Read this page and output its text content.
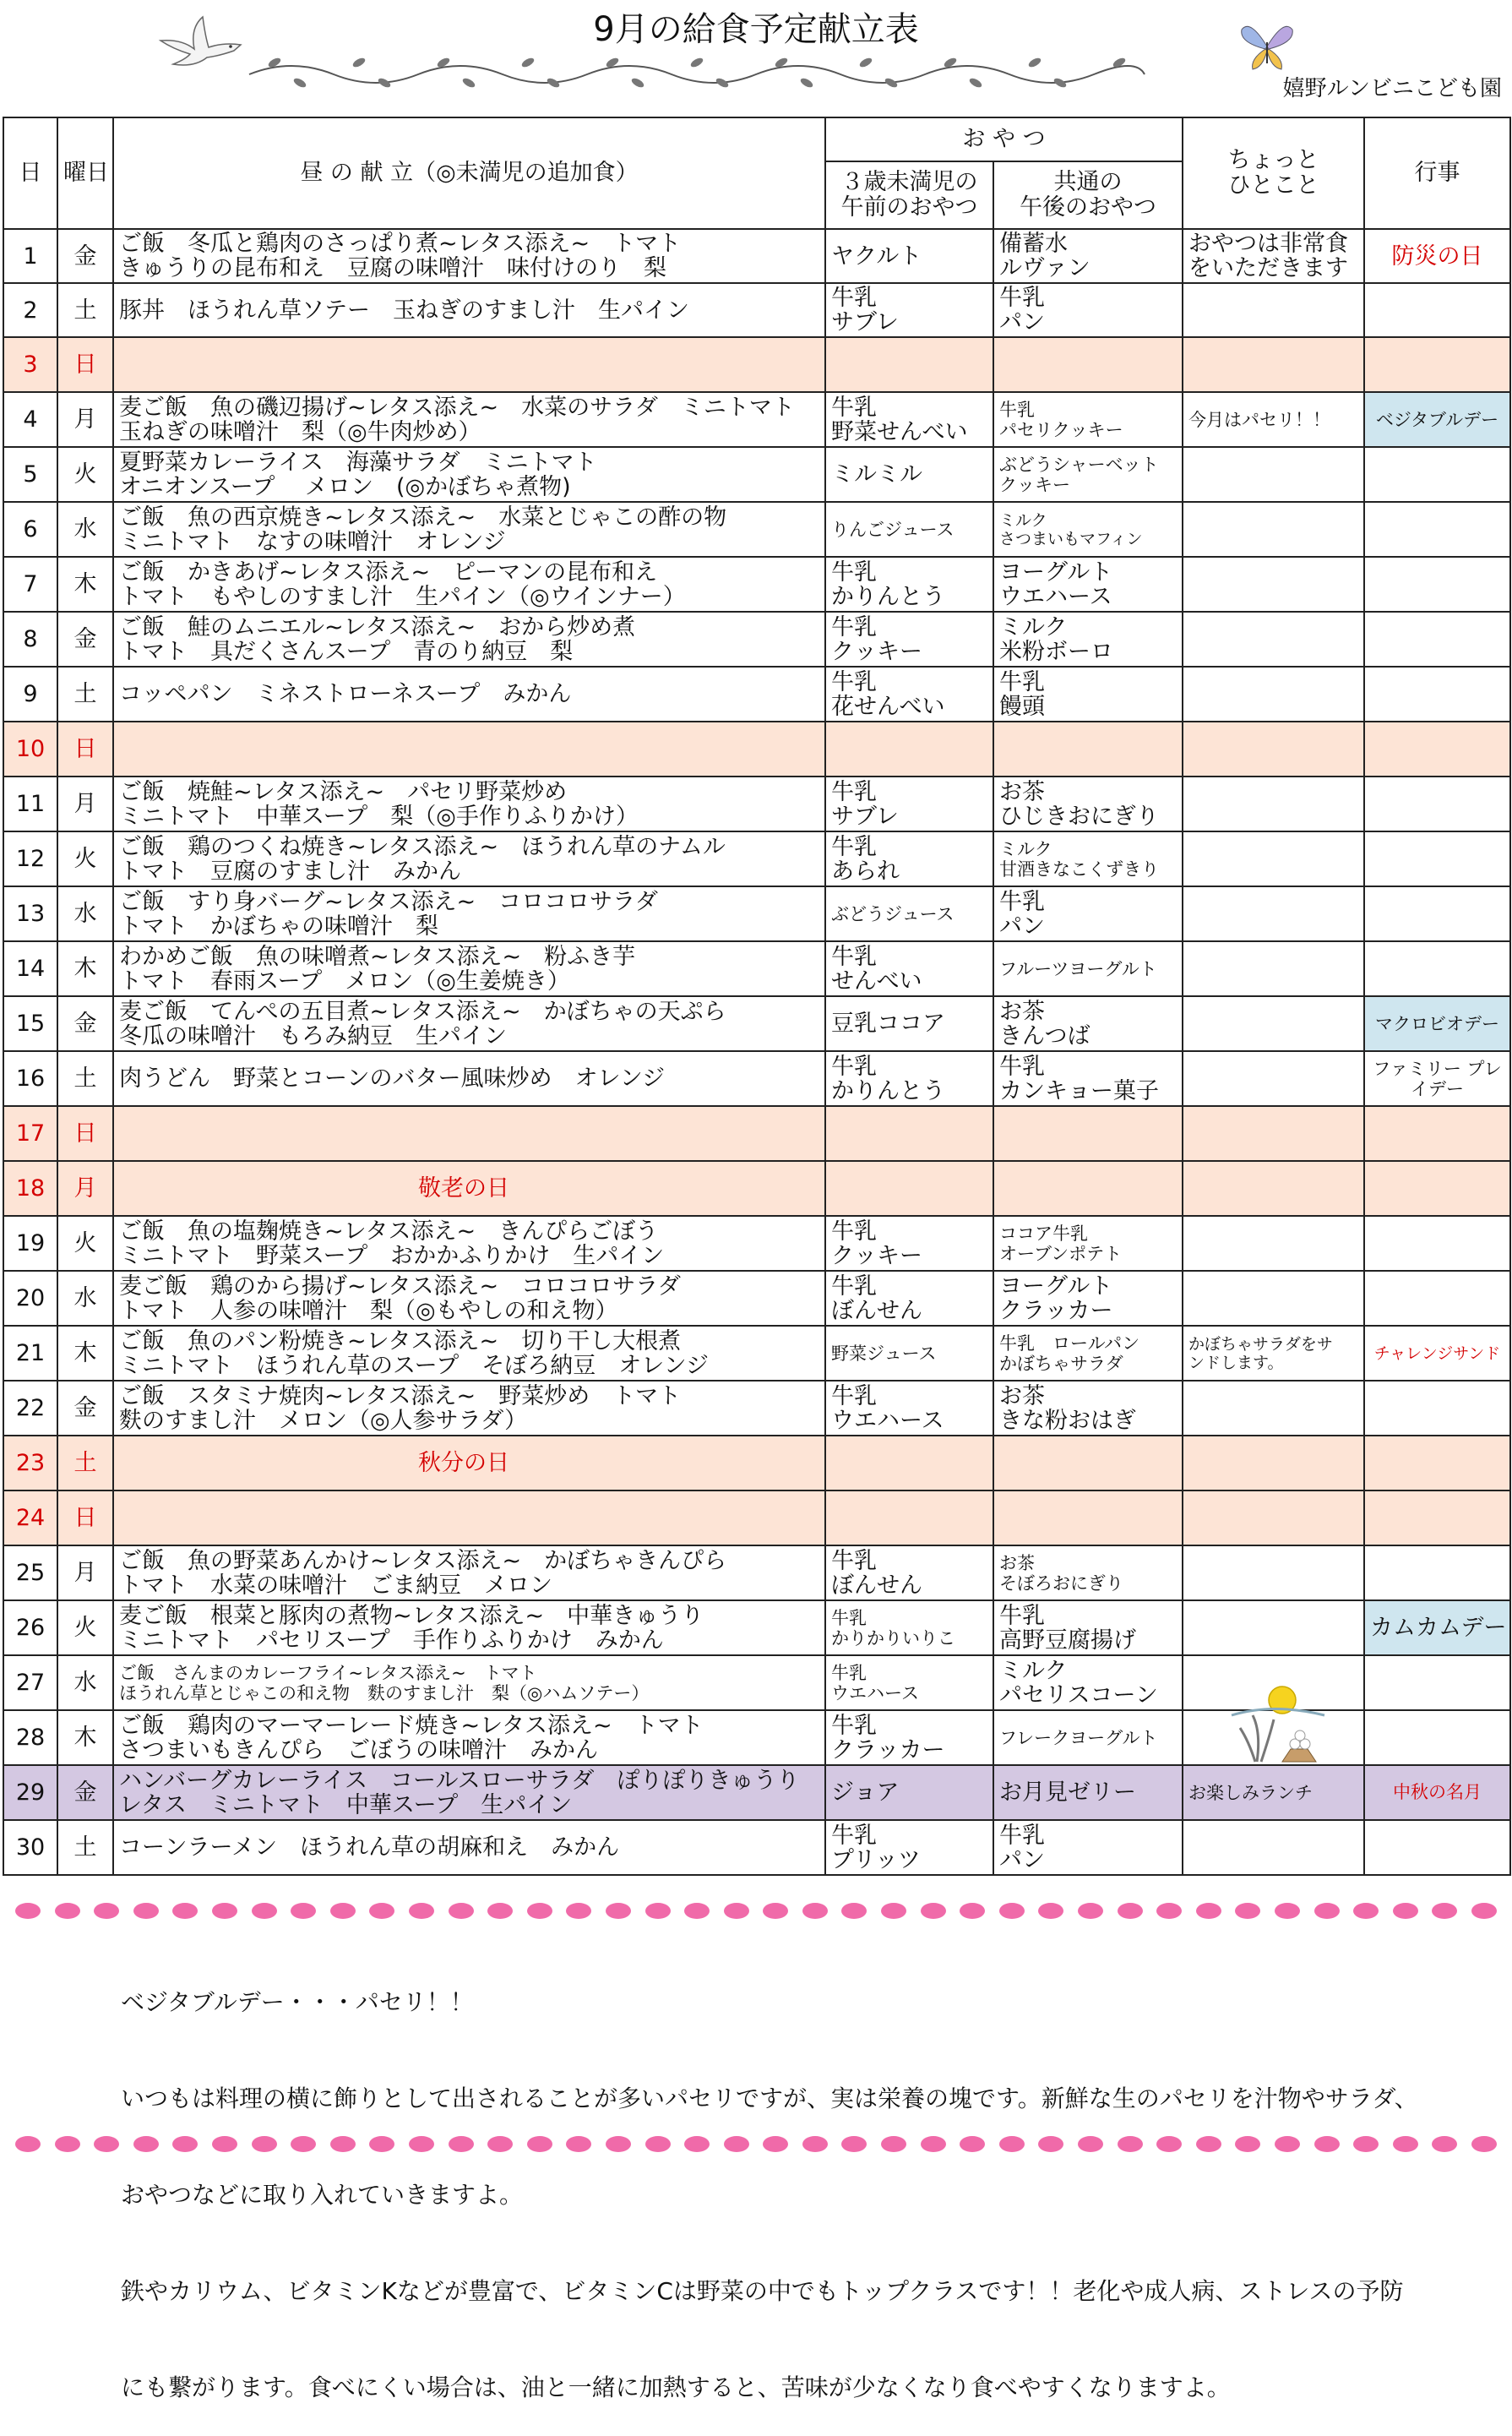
9月の給食予定献立表
嬉野ルンビニこども園
日	曜日	昼 の 献 立（◎未満児の追加食）	お や つ		ちょっと
ひとこと	行事
			３歳未満児の
午前のおやつ	共通の
午後のおやつ		
1	金	ご飯　冬瓜と鶏肉のさっぱり煮~レタス添え~　トマト
きゅうりの昆布和え　豆腐の味噌汁　味付けのり　梨	ヤクルト	備蓄水
ルヴァン	おやつは非常食
をいただきます	防災の日
2	土	豚丼　ほうれん草ソテー　玉ねぎのすまし汁　生パイン	牛乳
サブレ	牛乳
パン		
3	日					
4	月	麦ご飯　魚の磯辺揚げ~レタス添え~　水菜のサラダ　ミニトマト
玉ねぎの味噌汁　梨（◎牛肉炒め）	牛乳
野菜せんべい	牛乳
パセリクッキー	今月はパセリ！！	ベジタブルデー
5	火	夏野菜カレーライス　海藻サラダ　ミニトマト
オニオンスープ　 メロン　(◎かぼちゃ煮物)	ミルミル	ぶどうシャーベット
クッキー		
6	水	ご飯　魚の西京焼き~レタス添え~　水菜とじゃこの酢の物
ミニトマト　なすの味噌汁　オレンジ	りんごジュース	ミルク
さつまいもマフィン		
7	木	ご飯　かきあげ~レタス添え~　ピーマンの昆布和え
トマト　もやしのすまし汁　生パイン（◎ウインナー）	牛乳
かりんとう	ヨーグルト
ウエハース		
8	金	ご飯　鮭のムニエル~レタス添え~　おから炒め煮
トマト　具だくさんスープ　青のり納豆　梨	牛乳
クッキー	ミルク
米粉ボーロ		
9	土	コッペパン　ミネストローネスープ　みかん	牛乳
花せんべい	牛乳
饅頭		
10	日					
11	月	ご飯　焼鮭~レタス添え~　パセリ野菜炒め
ミニトマト　中華スープ　梨（◎手作りふりかけ）	牛乳
サブレ	お茶
ひじきおにぎり		
12	火	ご飯　鶏のつくね焼き~レタス添え~　ほうれん草のナムル
トマト　豆腐のすまし汁　みかん	牛乳
あられ	ミルク
甘酒きなこくずきり		
13	水	ご飯　すり身バーグ~レタス添え~　コロコロサラダ
トマト　かぼちゃの味噌汁　梨	ぶどうジュース	牛乳
パン		
14	木	わかめご飯　魚の味噌煮~レタス添え~　粉ふき芋
トマト　春雨スープ　メロン（◎生姜焼き）	牛乳
せんべい	フルーツヨーグルト		
15	金	麦ご飯　てんぺの五目煮~レタス添え~　かぼちゃの天ぷら
冬瓜の味噌汁　もろみ納豆　生パイン	豆乳ココア	お茶
きんつば		マクロビオデー
16	土	肉うどん　野菜とコーンのバター風味炒め　オレンジ	牛乳
かりんとう	牛乳
カンキョー菓子		ファミリー プレイデー
17	日					
18	月	敬老の日				
19	火	ご飯　魚の塩麹焼き~レタス添え~　きんぴらごぼう
ミニトマト　野菜スープ　おかかふりかけ　生パイン	牛乳
クッキー	ココア牛乳
オーブンポテト		
20	水	麦ご飯　鶏のから揚げ~レタス添え~　コロコロサラダ
トマト　人参の味噌汁　梨（◎もやしの和え物）	牛乳
ぼんせん	ヨーグルト
クラッカー		
21	木	ご飯　魚のパン粉焼き~レタス添え~　切り干し大根煮
ミニトマト　ほうれん草のスープ　そぼろ納豆　オレンジ	野菜ジュース	牛乳　ロールパン
かぼちゃサラダ	かぼちゃサラダをサ
ンドします。	チャレンジサンド
22	金	ご飯　スタミナ焼肉~レタス添え~　野菜炒め　トマト
麩のすまし汁　メロン（◎人参サラダ）	牛乳
ウエハース	お茶
きな粉おはぎ		
23	土	秋分の日				
24	日					
25	月	ご飯　魚の野菜あんかけ~レタス添え~　かぼちゃきんぴら
トマト　水菜の味噌汁　ごま納豆　メロン	牛乳
ぼんせん	お茶
そぼろおにぎり		
26	火	麦ご飯　根菜と豚肉の煮物~レタス添え~　中華きゅうり
ミニトマト　パセリスープ　手作りふりかけ　みかん	牛乳
かりかりいりこ	牛乳
高野豆腐揚げ		カムカムデー
27	水	ご飯　さんまのカレーフライ~レタス添え~　トマト
ほうれん草とじゃこの和え物　麩のすまし汁　梨（◎ハムソテー）	牛乳
ウエハース	ミルク
パセリスコーン		
28	木	ご飯　鶏肉のマーマーレード焼き~レタス添え~　トマト
さつまいもきんぴら　ごぼうの味噌汁　みかん	牛乳
クラッカー	フレークヨーグルト		
29	金	ハンバーグカレーライス　コールスローサラダ　ぽりぽりきゅうり
レタス　ミニトマト　中華スープ　生パイン	ジョア	お月見ゼリー	お楽しみランチ	中秋の名月
30	土	コーンラーメン　ほうれん草の胡麻和え　みかん	牛乳
プリッツ	牛乳
パン		

ベジタブルデー・・・パセリ！！

いつもは料理の横に飾りとして出されることが多いパセリですが、実は栄養の塊です。新鮮な生のパセリを汁物やサラダ、

おやつなどに取り入れていきますよ。

鉄やカリウム、ビタミンKなどが豊富で、ビタミンCは野菜の中でもトップクラスです！！老化や成人病、ストレスの予防

にも繋がります。食べにくい場合は、油と一緒に加熱すると、苦味が少なくなり食べやすくなりますよ。
